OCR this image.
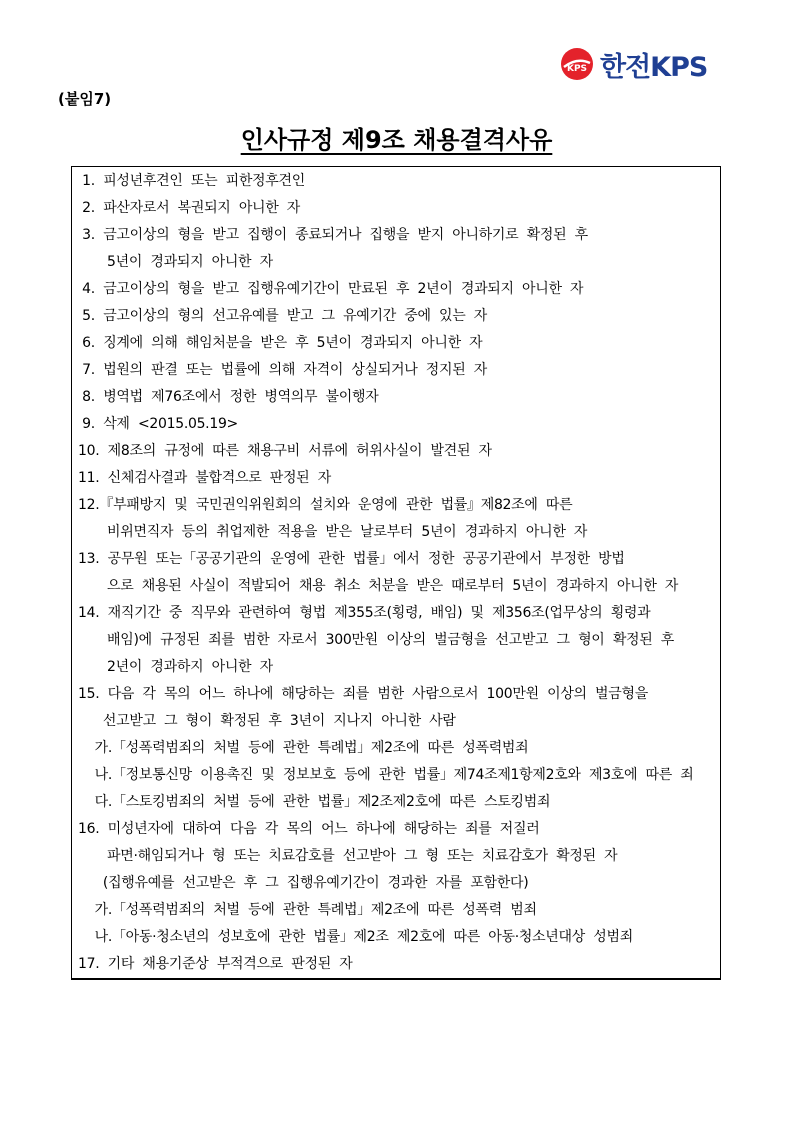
KPS 한전KPS
(붙임7)
인사규정 제9조 채용결격사유
1.  피성년후견인  또는  피한정후견인
2.  파산자로서  복권되지  아니한  자
3.  금고이상의  형을  받고  집행이  종료되거나  집행을  받지  아니하기로  확정된  후
5년이  경과되지  아니한  자
4.  금고이상의  형을  받고  집행유예기간이  만료된  후  2년이  경과되지  아니한  자
5.  금고이상의  형의  선고유예를  받고  그  유예기간  중에  있는  자
6.  징계에  의해  해임처분을  받은  후  5년이  경과되지  아니한  자
7.  법원의  판결  또는  법률에  의해  자격이  상실되거나  정지된  자
8.  병역법  제76조에서  정한  병역의무  불이행자
9.  삭제  <2015.05.19>
10.  제8조의  규정에  따른  채용구비  서류에  허위사실이  발견된  자
11.  신체검사결과  불합격으로  판정된  자
12.『부패방지  및  국민권익위원회의  설치와  운영에  관한  법률』제82조에  따른
비위면직자  등의  취업제한  적용을  받은  날로부터  5년이  경과하지  아니한  자
13.  공무원  또는「공공기관의  운영에  관한  법률」에서  정한  공공기관에서  부정한  방법
으로  채용된  사실이  적발되어  채용  취소  처분을  받은  때로부터  5년이  경과하지  아니한  자
14.  재직기간  중  직무와  관련하여  형법  제355조(횡령,  배임)  및  제356조(업무상의  횡령과
배임)에  규정된  죄를  범한  자로서  300만원  이상의  벌금형을  선고받고  그  형이  확정된  후
2년이  경과하지  아니한  자
15.  다음  각  목의  어느  하나에  해당하는  죄를  범한  사람으로서  100만원  이상의  벌금형을
선고받고  그  형이  확정된  후  3년이  지나지  아니한  사람
가.「성폭력범죄의  처벌  등에  관한  특례법」제2조에  따른  성폭력범죄
나.「정보통신망  이용촉진  및  정보보호  등에  관한  법률」제74조제1항제2호와  제3호에  따른  죄
다.「스토킹범죄의  처벌  등에  관한  법률」제2조제2호에  따른  스토킹범죄
16.  미성년자에  대하여  다음  각  목의  어느  하나에  해당하는  죄를  저질러
파면·해임되거나  형  또는  치료감호를  선고받아  그  형  또는  치료감호가  확정된  자
(집행유예를  선고받은  후  그  집행유예기간이  경과한  자를  포함한다)
가.「성폭력범죄의  처벌  등에  관한  특례법」제2조에  따른  성폭력  범죄
나.「아동·청소년의  성보호에  관한  법률」제2조  제2호에  따른  아동·청소년대상  성범죄
17.  기타  채용기준상  부적격으로  판정된  자
